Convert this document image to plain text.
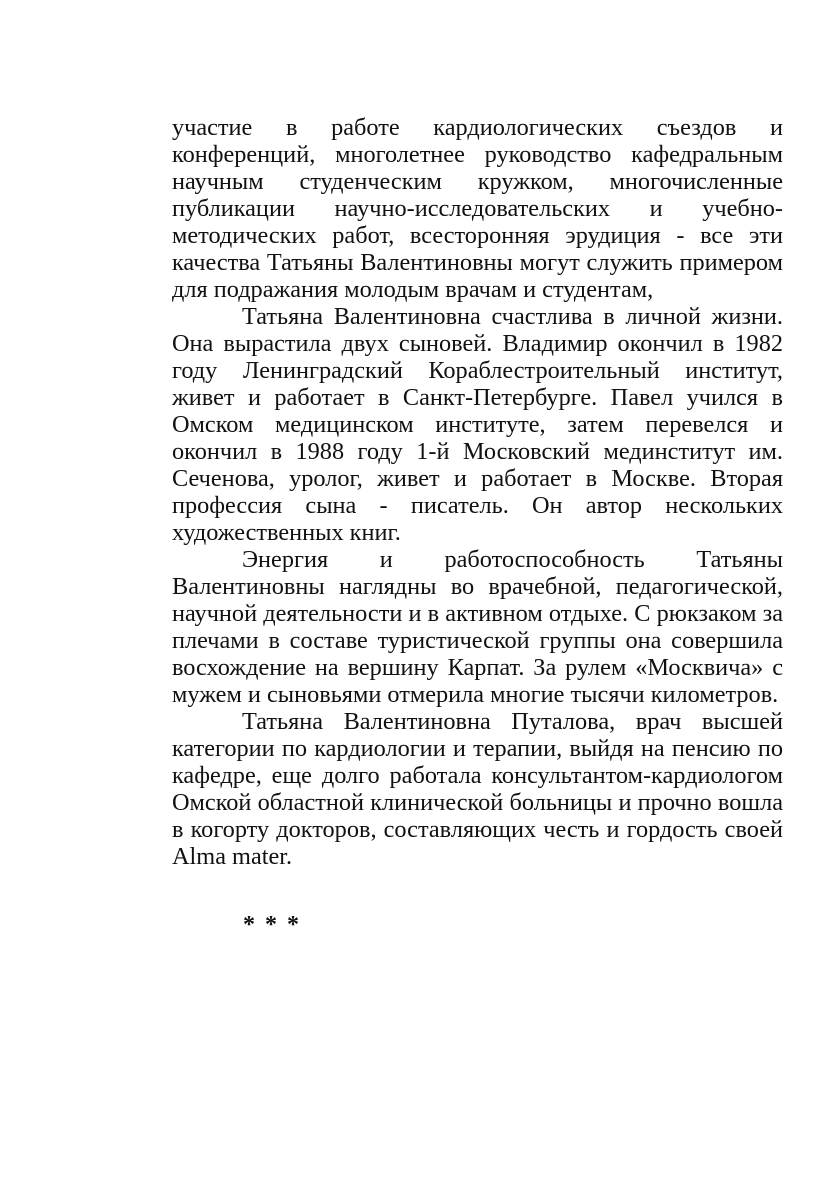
участие в работе кардиологических съездов и
конференций, многолетнее руководство кафедральным
научным студенческим кружком, многочисленные
публикации научно-исследовательских и учебно-
методических работ, всесторонняя эрудиция - все эти
качества Татьяны Валентиновны могут служить примером
для подражания молодым врачам и студентам,
Татьяна Валентиновна счастлива в личной жизни.
Она вырастила двух сыновей. Владимир окончил в 1982
году Ленинградский Кораблестроительный институт,
живет и работает в Санкт-Петербурге. Павел учился в
Омском медицинском институте, затем перевелся и
окончил в 1988 году 1-й Московский мединститут им.
Сеченова, уролог, живет и работает в Москве. Вторая
профессия сына - писатель. Он автор нескольких
художественных книг.
Энергия и работоспособность Татьяны
Валентиновны наглядны во врачебной, педагогической,
научной деятельности и в активном отдыхе. С рюкзаком за
плечами в составе туристической группы она совершила
восхождение на вершину Карпат. За рулем «Москвича» с
мужем и сыновьями отмерила многие тысячи километров.
Татьяна Валентиновна Путалова, врач высшей
категории по кардиологии и терапии, выйдя на пенсию по
кафедре, еще долго работала консультантом-кардиологом
Омской областной клинической больницы и прочно вошла
в когорту докторов, составляющих честь и гордость своей
Alma mater.
* * *
